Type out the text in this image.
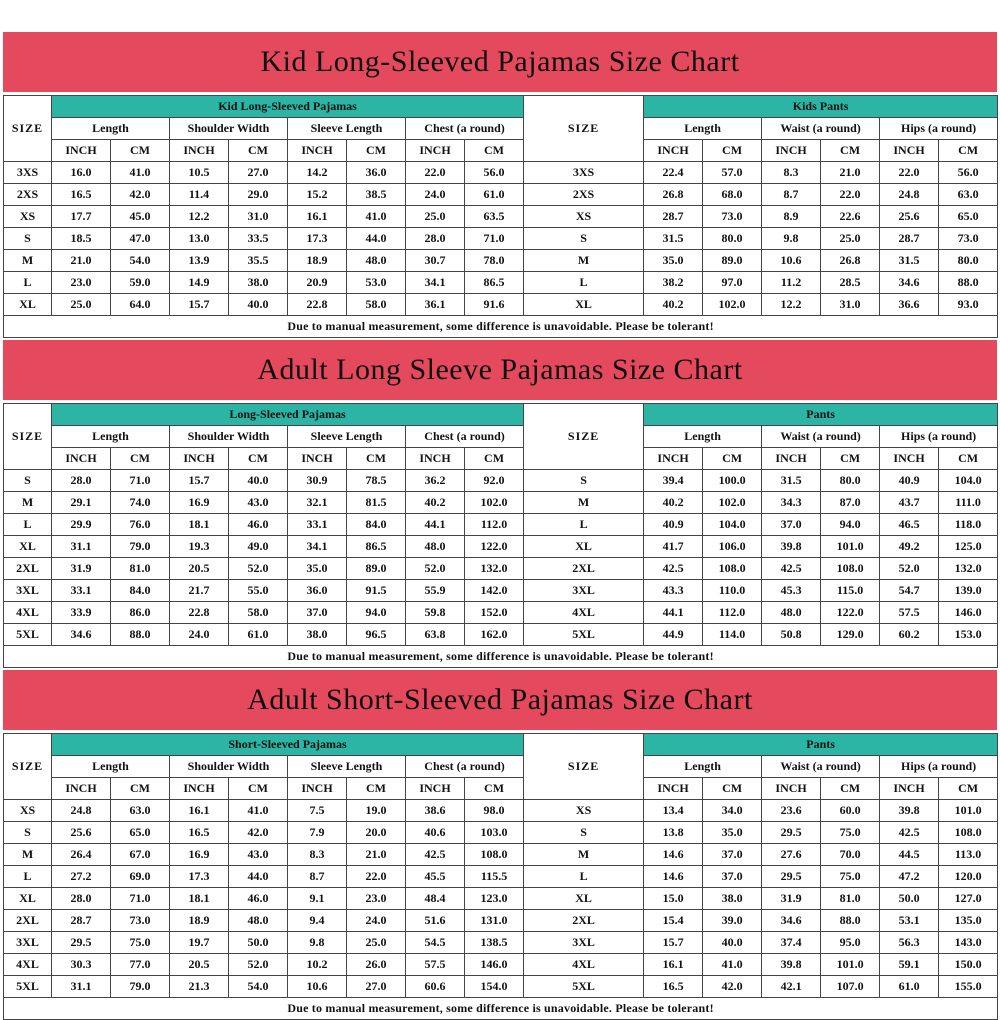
Kid Long-Sleeved Pajamas Size Chart
SIZE	Kid Long-Sleeved Pajamas								SIZE	Kids Pants					
	Length		Shoulder Width		Sleeve Length		Chest (a round)			Length		Waist (a round)		Hips (a round)	
	INCH	CM	INCH	CM	INCH	CM	INCH	CM		INCH	CM	INCH	CM	INCH	CM
3XS	16.0	41.0	10.5	27.0	14.2	36.0	22.0	56.0	3XS	22.4	57.0	8.3	21.0	22.0	56.0
2XS	16.5	42.0	11.4	29.0	15.2	38.5	24.0	61.0	2XS	26.8	68.0	8.7	22.0	24.8	63.0
XS	17.7	45.0	12.2	31.0	16.1	41.0	25.0	63.5	XS	28.7	73.0	8.9	22.6	25.6	65.0
S	18.5	47.0	13.0	33.5	17.3	44.0	28.0	71.0	S	31.5	80.0	9.8	25.0	28.7	73.0
M	21.0	54.0	13.9	35.5	18.9	48.0	30.7	78.0	M	35.0	89.0	10.6	26.8	31.5	80.0
L	23.0	59.0	14.9	38.0	20.9	53.0	34.1	86.5	L	38.2	97.0	11.2	28.5	34.6	88.0
XL	25.0	64.0	15.7	40.0	22.8	58.0	36.1	91.6	XL	40.2	102.0	12.2	31.0	36.6	93.0
Due to manual measurement, some difference is unavoidable. Please be tolerant!															
Adult Long Sleeve Pajamas Size Chart
SIZE	Long-Sleeved Pajamas								SIZE	Pants					
	Length		Shoulder Width		Sleeve Length		Chest (a round)			Length		Waist (a round)		Hips (a round)	
	INCH	CM	INCH	CM	INCH	CM	INCH	CM		INCH	CM	INCH	CM	INCH	CM
S	28.0	71.0	15.7	40.0	30.9	78.5	36.2	92.0	S	39.4	100.0	31.5	80.0	40.9	104.0
M	29.1	74.0	16.9	43.0	32.1	81.5	40.2	102.0	M	40.2	102.0	34.3	87.0	43.7	111.0
L	29.9	76.0	18.1	46.0	33.1	84.0	44.1	112.0	L	40.9	104.0	37.0	94.0	46.5	118.0
XL	31.1	79.0	19.3	49.0	34.1	86.5	48.0	122.0	XL	41.7	106.0	39.8	101.0	49.2	125.0
2XL	31.9	81.0	20.5	52.0	35.0	89.0	52.0	132.0	2XL	42.5	108.0	42.5	108.0	52.0	132.0
3XL	33.1	84.0	21.7	55.0	36.0	91.5	55.9	142.0	3XL	43.3	110.0	45.3	115.0	54.7	139.0
4XL	33.9	86.0	22.8	58.0	37.0	94.0	59.8	152.0	4XL	44.1	112.0	48.0	122.0	57.5	146.0
5XL	34.6	88.0	24.0	61.0	38.0	96.5	63.8	162.0	5XL	44.9	114.0	50.8	129.0	60.2	153.0
Due to manual measurement, some difference is unavoidable. Please be tolerant!															
Adult Short-Sleeved Pajamas Size Chart
SIZE	Short-Sleeved Pajamas								SIZE	Pants					
	Length		Shoulder Width		Sleeve Length		Chest (a round)			Length		Waist (a round)		Hips (a round)	
	INCH	CM	INCH	CM	INCH	CM	INCH	CM		INCH	CM	INCH	CM	INCH	CM
XS	24.8	63.0	16.1	41.0	7.5	19.0	38.6	98.0	XS	13.4	34.0	23.6	60.0	39.8	101.0
S	25.6	65.0	16.5	42.0	7.9	20.0	40.6	103.0	S	13.8	35.0	29.5	75.0	42.5	108.0
M	26.4	67.0	16.9	43.0	8.3	21.0	42.5	108.0	M	14.6	37.0	27.6	70.0	44.5	113.0
L	27.2	69.0	17.3	44.0	8.7	22.0	45.5	115.5	L	14.6	37.0	29.5	75.0	47.2	120.0
XL	28.0	71.0	18.1	46.0	9.1	23.0	48.4	123.0	XL	15.0	38.0	31.9	81.0	50.0	127.0
2XL	28.7	73.0	18.9	48.0	9.4	24.0	51.6	131.0	2XL	15.4	39.0	34.6	88.0	53.1	135.0
3XL	29.5	75.0	19.7	50.0	9.8	25.0	54.5	138.5	3XL	15.7	40.0	37.4	95.0	56.3	143.0
4XL	30.3	77.0	20.5	52.0	10.2	26.0	57.5	146.0	4XL	16.1	41.0	39.8	101.0	59.1	150.0
5XL	31.1	79.0	21.3	54.0	10.6	27.0	60.6	154.0	5XL	16.5	42.0	42.1	107.0	61.0	155.0
Due to manual measurement, some difference is unavoidable. Please be tolerant!															
